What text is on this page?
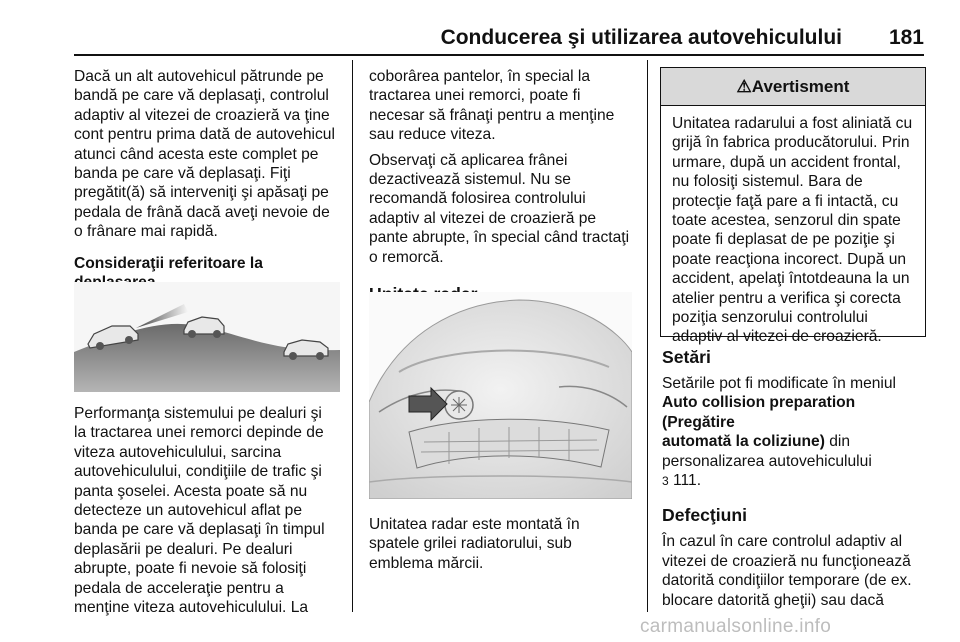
Conducerea şi utilizarea autovehiculului 181

Dacă un alt autovehicul pătrunde pe
bandă pe care vă deplasaţi, controlul
adaptiv al vitezei de croazieră va ţine
cont pentru prima dată de autovehicul
atunci când acesta este complet pe
banda pe care vă deplasaţi. Fiţi
pregătit(ă) să interveniţi şi apăsaţi pe
pedala de frână dacă aveţi nevoie de
o frânare mai rapidă.

Consideraţii referitoare la

Performanţa sistemului pe dealuri şi
la tractarea unei remorci depinde de
viteza autovehiculului, sarcina
autovehiculului, condiţiile de trafic şi
panta şoselei. Acesta poate să nu
detecteze un autovehicul aflat pe
banda pe care vă deplasaţi în timpul
deplasării pe dealuri. Pe dealuri
abrupte, poate fi nevoie să folosiţi
pedala de acceleraţie pentru a
menţine viteza autovehiculului. La

coborârea pantelor, în special la
tractarea unei remorci, poate fi
necesar să frânaţi pentru a menţine
sau reduce viteza.

Observaţi că aplicarea frânei
dezactivează sistemul. Nu se
recomandă folosirea controlului
adaptiv al vitezei de croazieră pe
pante abrupte, în special când tractaţi
o remorcă.

Unitatea radar este montată în
spatele grilei radiatorului, sub
emblema mărcii.

⚠ Avertisment
Unitatea radarului a fost aliniată cu
grijă în fabrica producătorului. Prin
urmare, după un accident frontal,
nu folosiţi sistemul. Bara de
protecţie faţă pare a fi intactă, cu
toate acestea, senzorul din spate
poate fi deplasat de pe poziţie şi
poate reacţiona incorect. După un
accident, apelaţi întotdeauna la un
atelier pentru a verifica şi corecta
poziţia senzorului controlului
adaptiv al vitezei de croazieră.

Setări

Setările pot fi modificate în meniul
Auto collision preparation (Pregătire
automată la coliziune) din
personalizarea autovehiculului
3 111.

Defecţiuni

În cazul în care controlul adaptiv al
vitezei de croazieră nu funcţionează
datorită condiţiilor temporare (de ex.
blocare datorită gheţii) sau dacă

carmanualsonline.info
